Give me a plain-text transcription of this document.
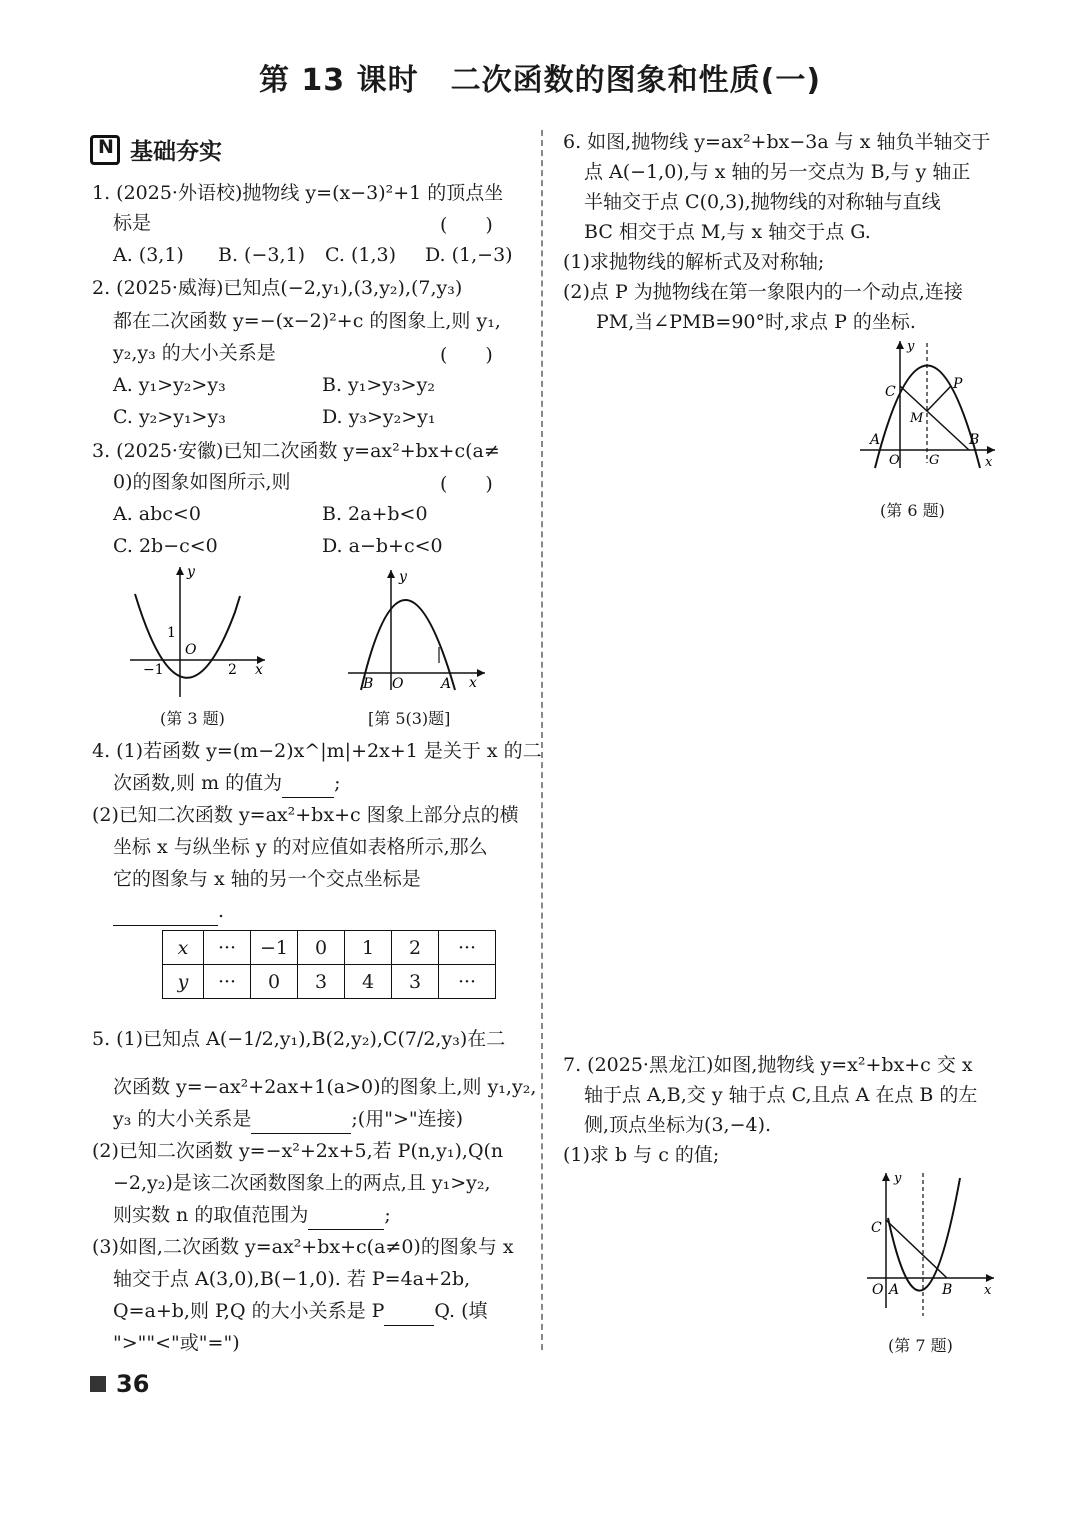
第 13 课时 二次函数的图象和性质(一)
N
基础夯实
1. (2025·外语校)抛物线 y=(x−3)²+1 的顶点坐
标是	(　　)
A. (3,1) B. (−3,1) C. (1,3) D. (1,−3)
2. (2025·威海)已知点(−2,y₁),(3,y₂),(7,y₃)
都在二次函数 y=−(x−2)²+c 的图象上,则 y₁,
y₂,y₃ 的大小关系是	(　　)
A. y₁>y₂>y₃	B. y₁>y₃>y₂
C. y₂>y₁>y₃	D. y₃>y₂>y₁
3. (2025·安徽)已知二次函数 y=ax²+bx+c(a≠
0)的图象如图所示,则	(　　)
A. abc<0	B. 2a+b<0
C. 2b−c<0	D. a−b+c<0
y
x
O
−1	2
1
(第 3 题)
y
x
O
B	A
[第 5(3)题]
4. (1)若函数 y=(m−2)x^|m|+2x+1 是关于 x 的二
次函数,则 m 的值为	;
(2)已知二次函数 y=ax²+bx+c 图象上部分点的横
坐标 x 与纵坐标 y 的对应值如表格所示,那么
它的图象与 x 轴的另一个交点坐标是
.
x	···	−1	0	1	2	···
y	···	0	3	4	3	···
5. (1)已知点 A(−1/2,y₁),B(2,y₂),C(7/2,y₃)在二
次函数 y=−ax²+2ax+1(a>0)的图象上,则 y₁,y₂,
y₃ 的大小关系是	;(用">"连接)
(2)已知二次函数 y=−x²+2x+5,若 P(n,y₁),Q(n
−2,y₂)是该二次函数图象上的两点,且 y₁>y₂,
则实数 n 的取值范围为	;
(3)如图,二次函数 y=ax²+bx+c(a≠0)的图象与 x
轴交于点 A(3,0),B(−1,0). 若 P=4a+2b,
Q=a+b,则 P,Q 的大小关系是 P	Q. (填
">""<"或"=")
6. 如图,抛物线 y=ax²+bx−3a 与 x 轴负半轴交于
点 A(−1,0),与 x 轴的另一交点为 B,与 y 轴正
半轴交于点 C(0,3),抛物线的对称轴与直线
BC 相交于点 M,与 x 轴交于点 G.
(1)求抛物线的解析式及对称轴;
(2)点 P 为抛物线在第一象限内的一个动点,连接
PM,当∠PMB=90°时,求点 P 的坐标.
y
x
C
M
P
A	B
O G
(第 6 题)
7. (2025·黑龙江)如图,抛物线 y=x²+bx+c 交 x
轴于点 A,B,交 y 轴于点 C,且点 A 在点 B 的左
侧,顶点坐标为(3,−4).
(1)求 b 与 c 的值;
y
x
C
O A	B
(第 7 题)
36
